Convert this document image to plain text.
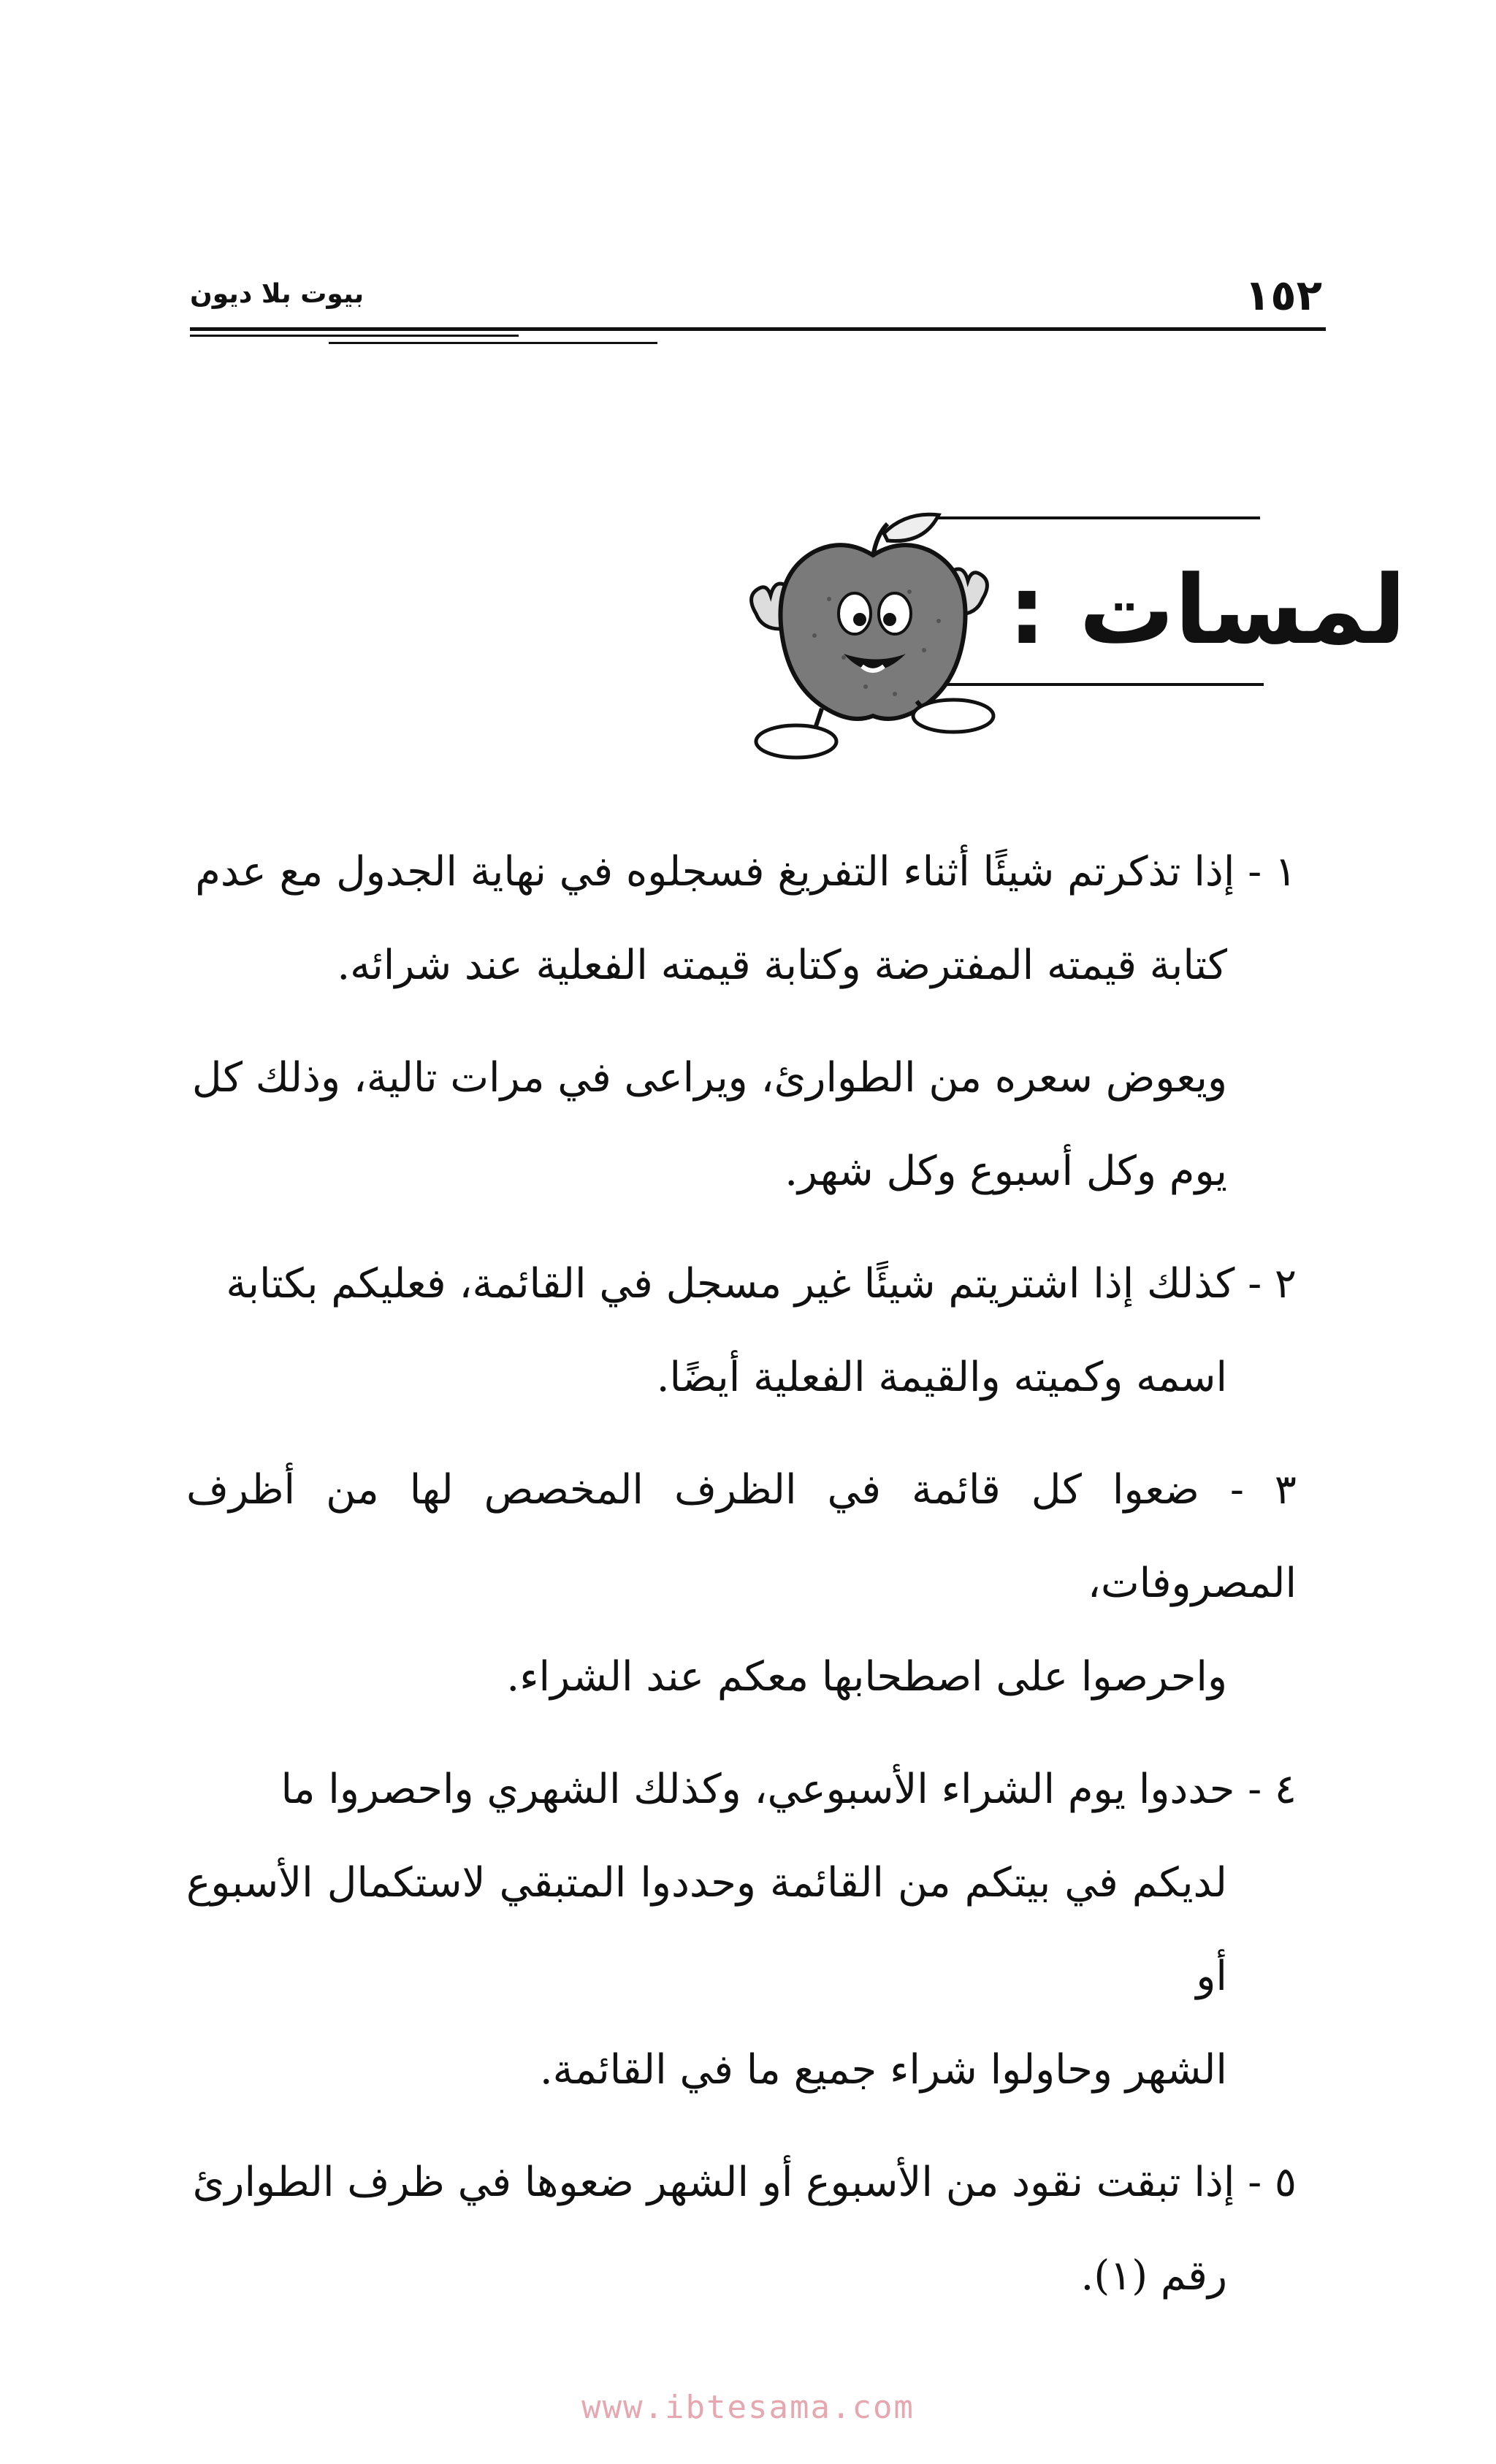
١٥٢
بيوت بلا ديون
لمسات :

١ - إذا تذكرتم شيئًا أثناء التفريغ فسجلوه في نهاية الجدول مع عدم
كتابة قيمته المفترضة وكتابة قيمته الفعلية عند شرائه.

ويعوض سعره من الطوارئ، ويراعى في مرات تالية، وذلك كل
يوم وكل أسبوع وكل شهر.

٢ - كذلك إذا اشتريتم شيئًا غير مسجل في القائمة، فعليكم بكتابة
اسمه وكميته والقيمة الفعلية أيضًا.

٣ - ضعوا كل قائمة في الظرف المخصص لها من أظرف المصروفات،
واحرصوا على اصطحابها معكم عند الشراء.

٤ - حددوا يوم الشراء الأسبوعي، وكذلك الشهري واحصروا ما
لديكم في بيتكم من القائمة وحددوا المتبقي لاستكمال الأسبوع أو
الشهر وحاولوا شراء جميع ما في القائمة.

٥ - إذا تبقت نقود من الأسبوع أو الشهر ضعوها في ظرف الطوارئ
رقم (١).

www.ibtesama.com
